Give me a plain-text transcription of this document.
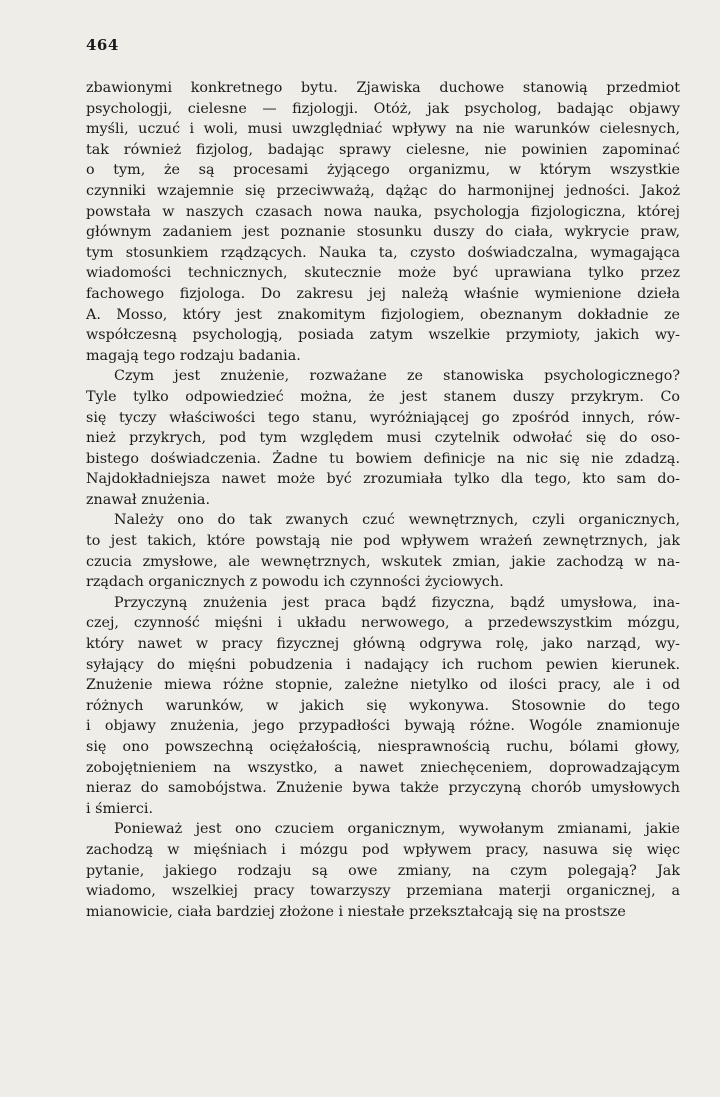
464
zbawionymi konkretnego bytu. Zjawiska duchowe stanowią przedmiot
psychologji, cielesne — fizjologji. Otóż, jak psycholog, badając objawy
myśli, uczuć i woli, musi uwzględniać wpływy na nie warunków cielesnych,
tak również fizjolog, badając sprawy cielesne, nie powinien zapominać
o tym, że są procesami żyjącego organizmu, w którym wszystkie
czynniki wzajemnie się przeciwważą, dążąc do harmonijnej jedności. Jakoż
powstała w naszych czasach nowa nauka, psychologja fizjologiczna, której
głównym zadaniem jest poznanie stosunku duszy do ciała, wykrycie praw,
tym stosunkiem rządzących. Nauka ta, czysto doświadczalna, wymagająca
wiadomości technicznych, skutecznie może być uprawiana tylko przez
fachowego fizjologa. Do zakresu jej należą właśnie wymienione dzieła
A. Mosso, który jest znakomitym fizjologiem, obeznanym dokładnie ze
współczesną psychologją, posiada zatym wszelkie przymioty, jakich wy-
magają tego rodzaju badania.
Czym jest znużenie, rozważane ze stanowiska psychologicznego?
Tyle tylko odpowiedzieć można, że jest stanem duszy przykrym. Co
się tyczy właściwości tego stanu, wyróżniającej go zpośród innych, rów-
nież przykrych, pod tym względem musi czytelnik odwołać się do oso-
bistego doświadczenia. Żadne tu bowiem definicje na nic się nie zdadzą.
Najdokładniejsza nawet może być zrozumiała tylko dla tego, kto sam do-
znawał znużenia.
Należy ono do tak zwanych czuć wewnętrznych, czyli organicznych,
to jest takich, które powstają nie pod wpływem wrażeń zewnętrznych, jak
czucia zmysłowe, ale wewnętrznych, wskutek zmian, jakie zachodzą w na-
rządach organicznych z powodu ich czynności życiowych.
Przyczyną znużenia jest praca bądź fizyczna, bądź umysłowa, ina-
czej, czynność mięśni i układu nerwowego, a przedewszystkim mózgu,
który nawet w pracy fizycznej główną odgrywa rolę, jako narząd, wy-
syłający do mięśni pobudzenia i nadający ich ruchom pewien kierunek.
Znużenie miewa różne stopnie, zależne nietylko od ilości pracy, ale i od
różnych warunków, w jakich się wykonywa. Stosownie do tego
i objawy znużenia, jego przypadłości bywają różne. Wogóle znamionuje
się ono powszechną ociężałością, niesprawnością ruchu, bólami głowy,
zobojętnieniem na wszystko, a nawet zniechęceniem, doprowadzającym
nieraz do samobójstwa. Znużenie bywa także przyczyną chorób umysłowych
i śmierci.
Ponieważ jest ono czuciem organicznym, wywołanym zmianami, jakie
zachodzą w mięśniach i mózgu pod wpływem pracy, nasuwa się więc
pytanie, jakiego rodzaju są owe zmiany, na czym polegają? Jak
wiadomo, wszelkiej pracy towarzyszy przemiana materji organicznej, a
mianowicie, ciała bardziej złożone i niestałe przekształcają się na prostsze
